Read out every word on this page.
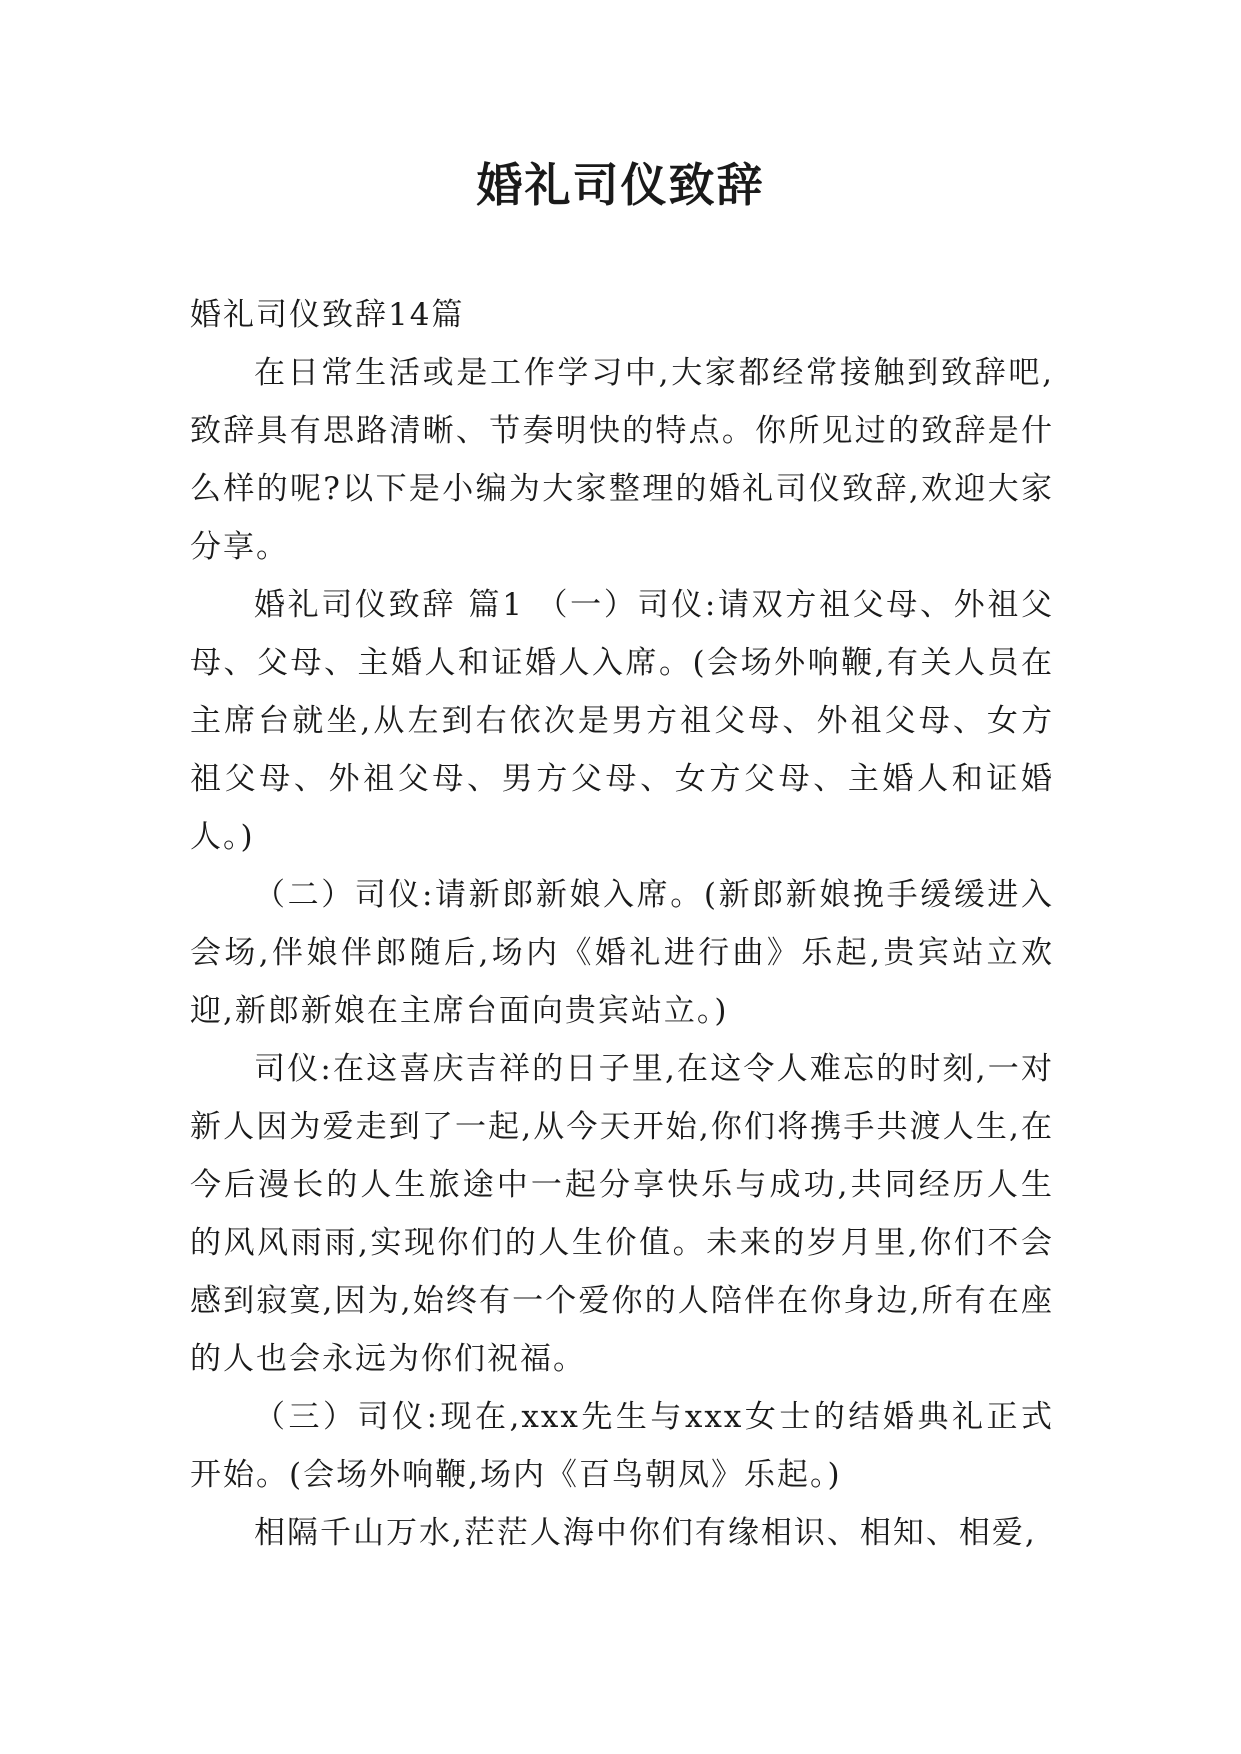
婚礼司仪致辞

婚礼司仪致辞14篇

在日常生活或是工作学习中,大家都经常接触到致辞吧,致辞具有思路清晰、节奏明快的特点。你所见过的致辞是什么样的呢?以下是小编为大家整理的婚礼司仪致辞,欢迎大家分享。

婚礼司仪致辞 篇1 （一）司仪:请双方祖父母、外祖父母、父母、主婚人和证婚人入席。(会场外响鞭,有关人员在主席台就坐,从左到右依次是男方祖父母、外祖父母、女方祖父母、外祖父母、男方父母、女方父母、主婚人和证婚人。)

（二）司仪:请新郎新娘入席。(新郎新娘挽手缓缓进入会场,伴娘伴郎随后,场内《婚礼进行曲》乐起,贵宾站立欢迎,新郎新娘在主席台面向贵宾站立。)

司仪:在这喜庆吉祥的日子里,在这令人难忘的时刻,一对新人因为爱走到了一起,从今天开始,你们将携手共渡人生,在今后漫长的人生旅途中一起分享快乐与成功,共同经历人生的风风雨雨,实现你们的人生价值。未来的岁月里,你们不会感到寂寞,因为,始终有一个爱你的人陪伴在你身边,所有在座的人也会永远为你们祝福。

（三）司仪:现在,xxx先生与xxx女士的结婚典礼正式开始。(会场外响鞭,场内《百鸟朝凤》乐起。)

相隔千山万水,茫茫人海中你们有缘相识、相知、相爱,
